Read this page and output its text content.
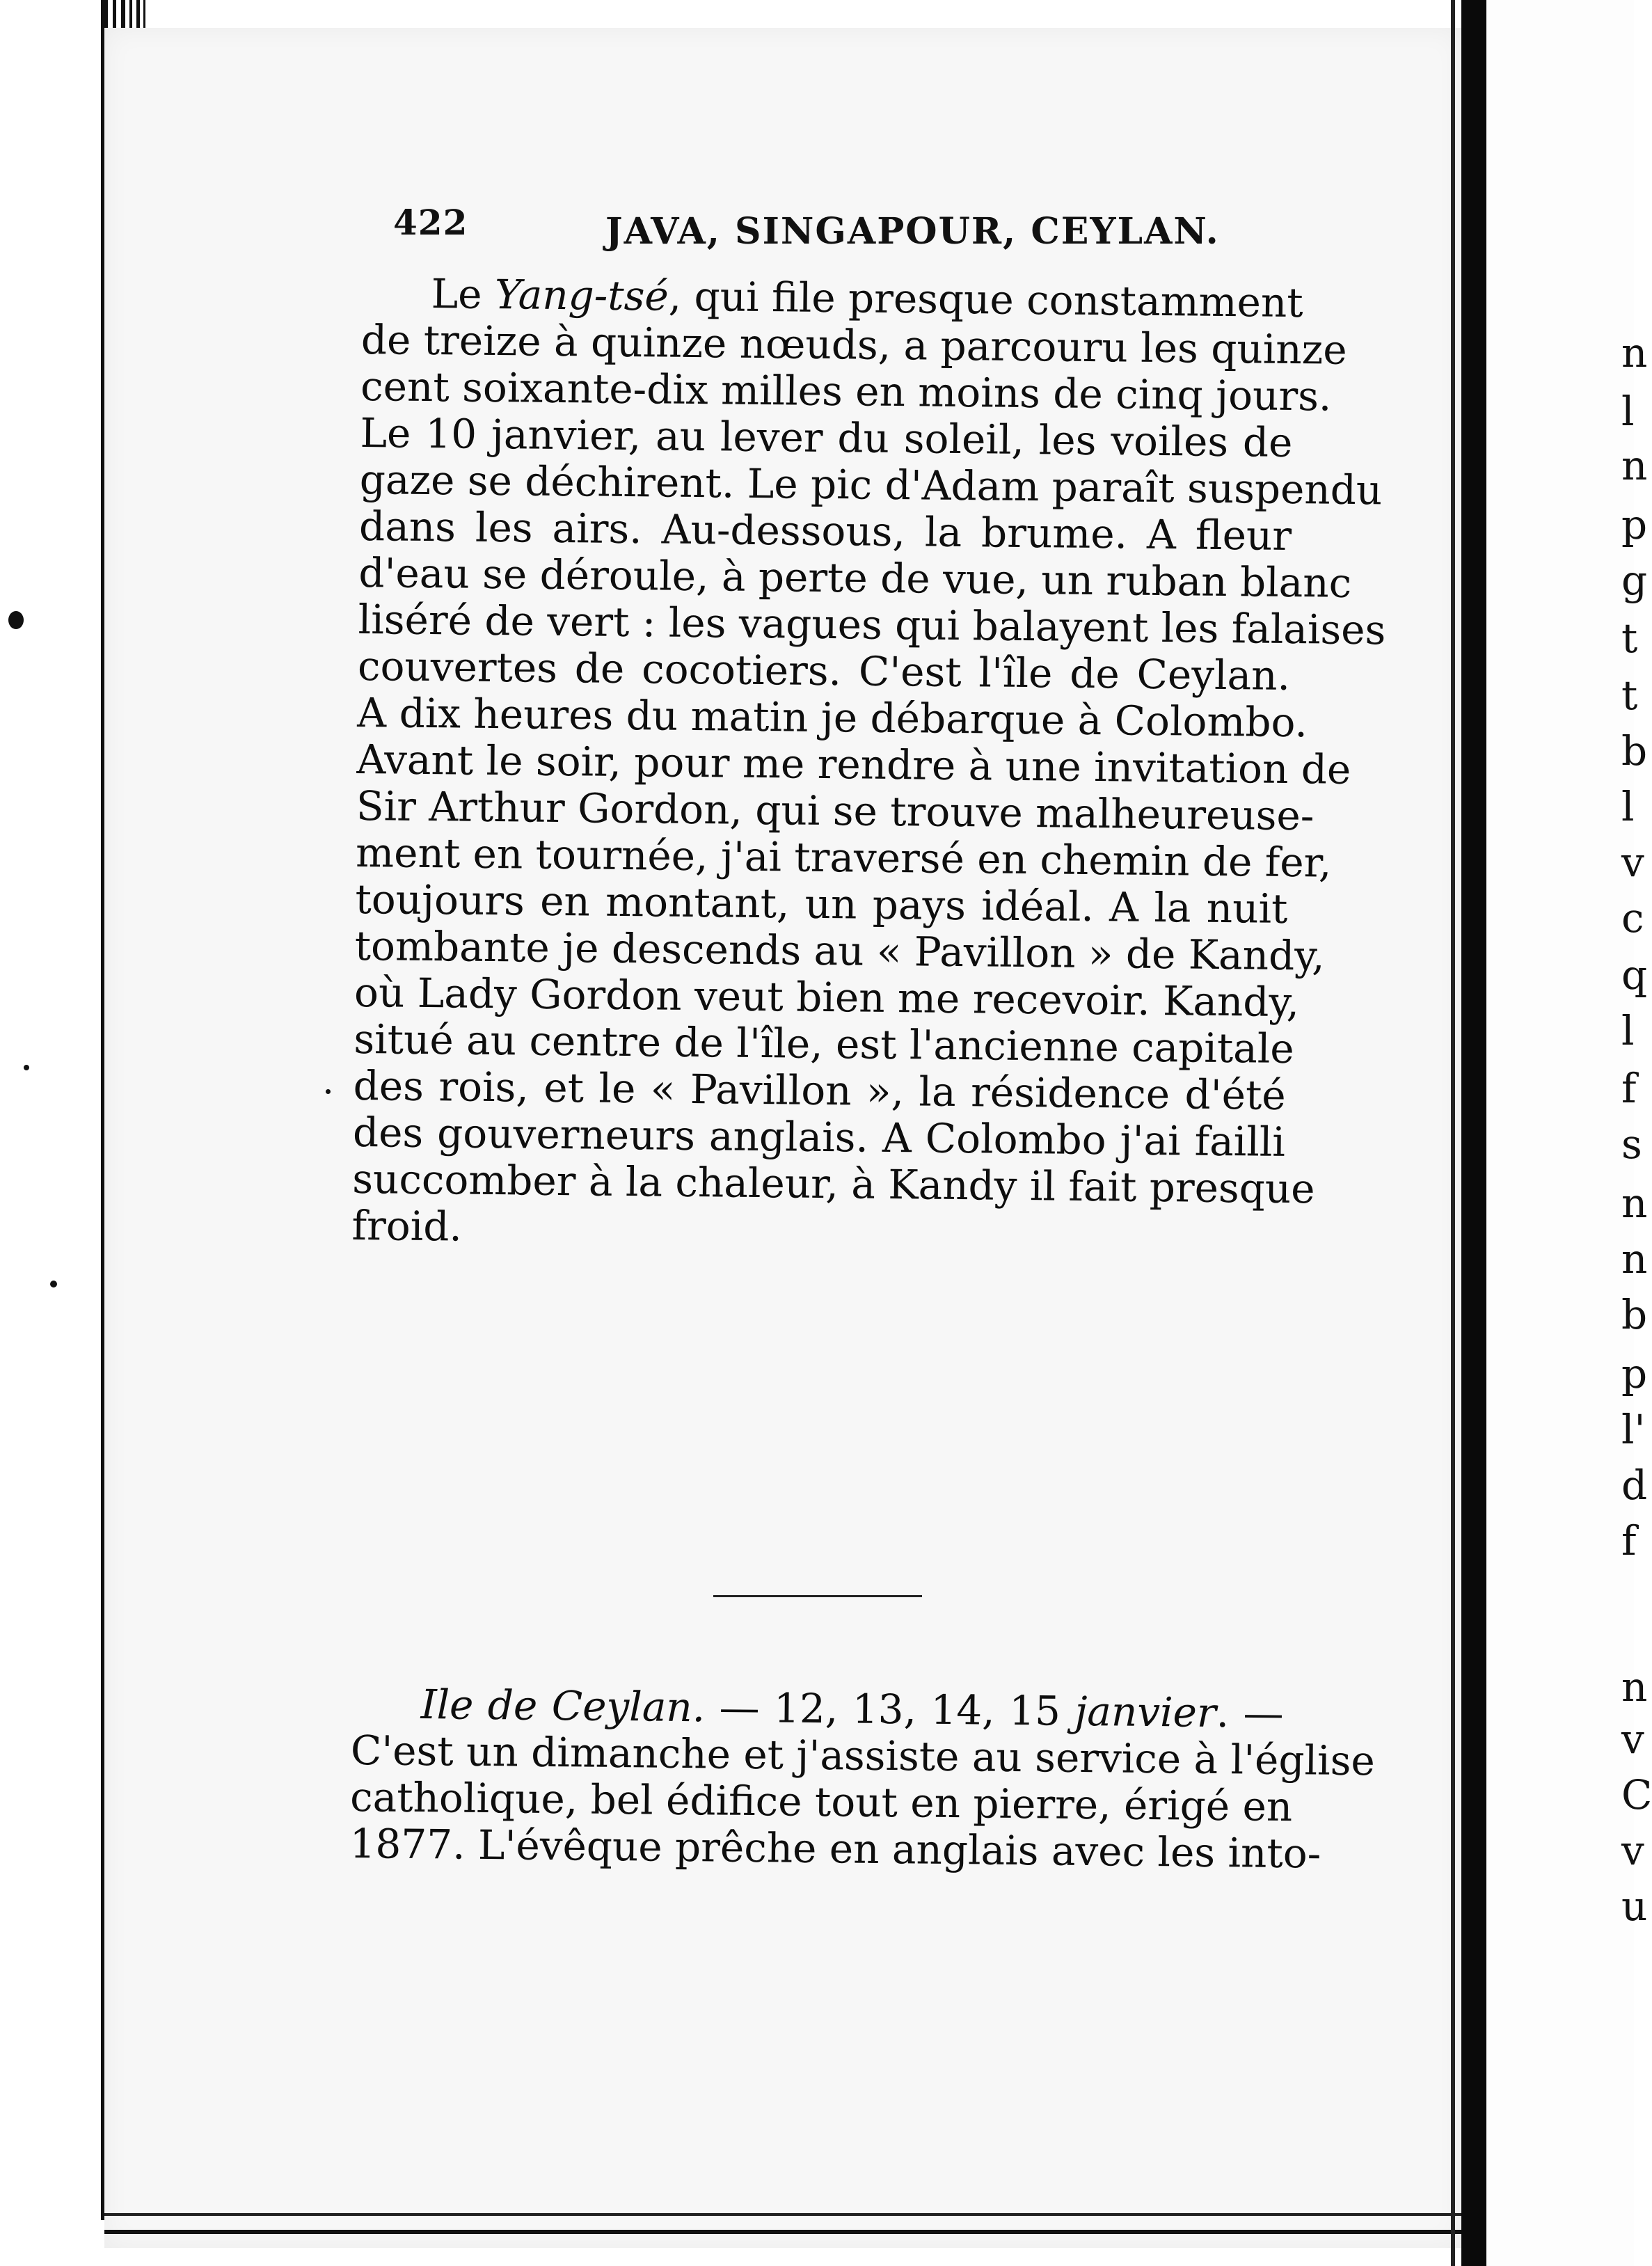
n
l
n
p
g
t
t
b
l
v
c
q
l
f
s
n
n
b
p
l'
d
f
n
v
C
v
u
422	JAVA, SINGAPOUR, CEYLAN.
Le Yang-tsé, qui file presque constamment
de treize à quinze nœuds, a parcouru les quinze
cent soixante-dix milles en moins de cinq jours.
Le 10 janvier, au lever du soleil, les voiles de
gaze se déchirent. Le pic d'Adam paraît suspendu
dans les airs. Au-dessous, la brume. A fleur
d'eau se déroule, à perte de vue, un ruban blanc
liséré de vert : les vagues qui balayent les falaises
couvertes de cocotiers. C'est l'île de Ceylan.
A dix heures du matin je débarque à Colombo.
Avant le soir, pour me rendre à une invitation de
Sir Arthur Gordon, qui se trouve malheureuse-
ment en tournée, j'ai traversé en chemin de fer,
toujours en montant, un pays idéal. A la nuit
tombante je descends au « Pavillon » de Kandy,
où Lady Gordon veut bien me recevoir. Kandy,
situé au centre de l'île, est l'ancienne capitale
des rois, et le « Pavillon », la résidence d'été
des gouverneurs anglais. A Colombo j'ai failli
succomber à la chaleur, à Kandy il fait presque
froid.
Ile de Ceylan. — 12, 13, 14, 15 janvier. —
C'est un dimanche et j'assiste au service à l'église
catholique, bel édifice tout en pierre, érigé en
1877. L'évêque prêche en anglais avec les into-
